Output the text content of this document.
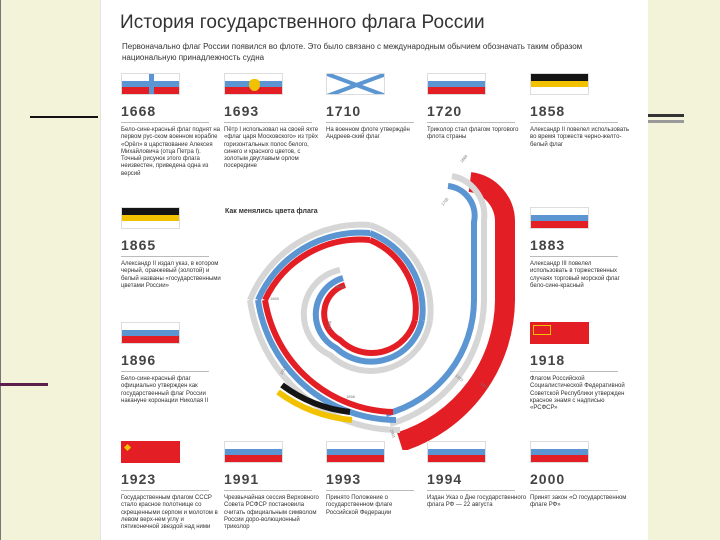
История государственного флага России
Первоначально флаг России появился во флоте. Это было связано с международным обычием обозначать таким образом национальную принадлежность судна
1668
1705
1858
1865
1883
1896
1918
1923
1927
1991
Как менялись цвета флага
1668
Бело-сине-красный флаг поднят на первом рус-ском военном корабле «Орёл» в царствование Алексея Михайловича (отца Петра I). Точный рисунок этого флага неизвестен, приведена одна из версий
1693
Пётр I использовал на своей яхте «флаг царя Московского» из трёх горизонтальных полос белого, синего и красного цветов, с золотым двуглавым орлом посередине
1710
На военном флоте утверждён Андреев-ский флаг
1720
Триколор стал флагом торгового флота страны
1858
Александр II повелел использовать во время торжеств черно-желто-белый флаг
1865
Александр II издал указ, в котором черный, оранжевый (золотой) и белый названы «государственными цветами России»
1883
Александр III повелел использовать в торжественных случаях торговый морской флаг бело-сине-красный
1896
Бело-сине-красный флаг официально утвержден как государственный флаг России накануне коронации Николая II
1918
Флагом Российской Социалистической Федеративной Советской Республики утвержден красное знамя с надписью «РСФСР»
1923
Государственным флагом СССР стало красное полотнище со скрещенными серпом и молотом в левом верх-нем углу и пятиконечной звездой над ними
1991
Чрезвычайная сессия Верховного Совета РСФСР постановила считать официальным символом России доро-волюционный триколор
1993
Принято Положение о государственном флаге Российской Федерации
1994
Издан Указ о Дне государственного флага РФ — 22 августа
2000
Принят закон «О государственном флаге РФ»
